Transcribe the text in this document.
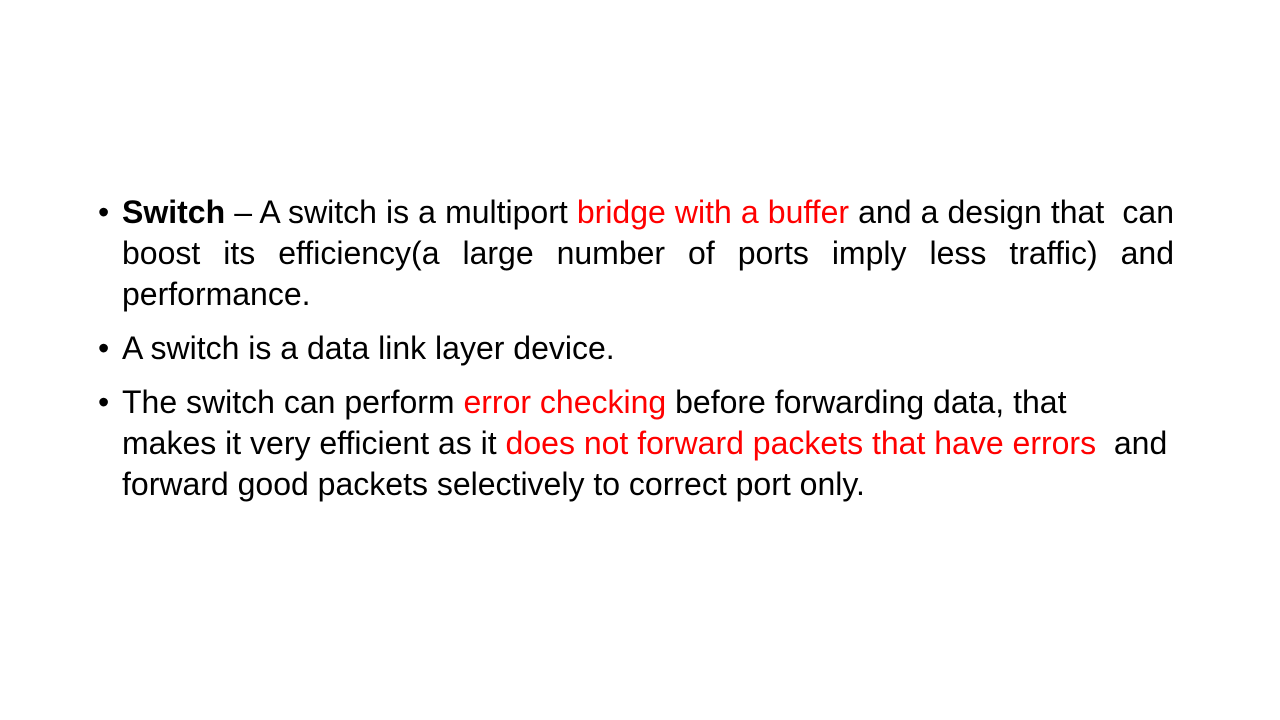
• Switch – A switch is a multiport bridge with a buffer and a design that  can boost its efficiency(a large number of ports imply less traffic) and  performance.
• A switch is a data link layer device.
• The switch can perform error checking before forwarding data, that  makes it very efficient as it does not forward packets that have errors  and forward good packets selectively to correct port only.
